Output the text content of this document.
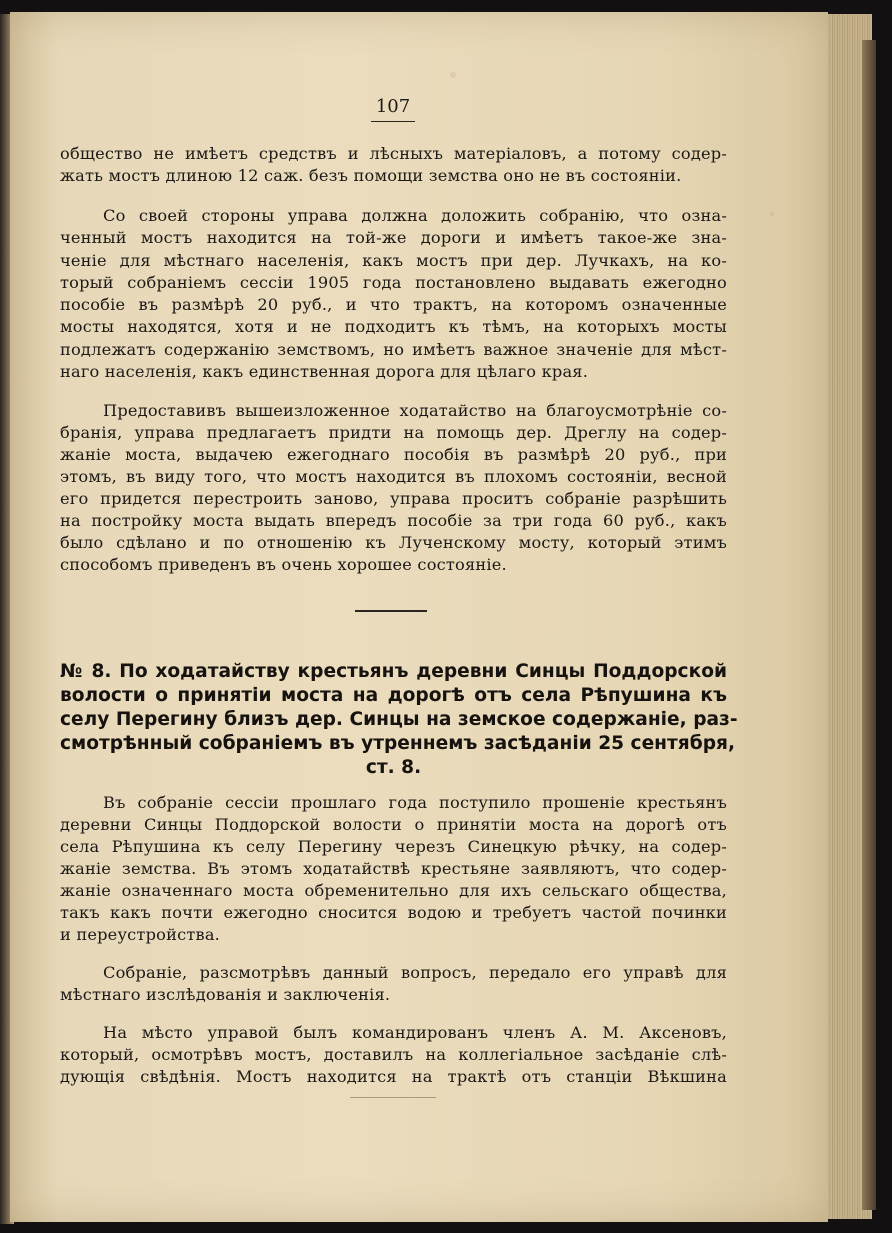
107
общество не имѣетъ средствъ и лѣсныхъ матеріаловъ, а потому содер-
жать мостъ длиною 12 саж. безъ помощи земства оно не въ состояніи.
Со своей стороны управа должна доложить собранію, что озна-
ченный мостъ находится на той-же дороги и имѣетъ такое-же зна-
ченіе для мѣстнаго населенія, какъ мостъ при дер. Лучкахъ, на ко-
торый собраніемъ сессіи 1905 года постановлено выдавать ежегодно
пособіе въ размѣрѣ 20 руб., и что трактъ, на которомъ означенные
мосты находятся, хотя и не подходитъ къ тѣмъ, на которыхъ мосты
подлежатъ содержанію земствомъ, но имѣетъ важное значеніе для мѣст-
наго населенія, какъ единственная дорога для цѣлаго края.
Предоставивъ вышеизложенное ходатайство на благоусмотрѣніе со-
бранія, управа предлагаетъ придти на помощь дер. Дреглу на содер-
жаніе моста, выдачею ежегоднаго пособія въ размѣрѣ 20 руб., при
этомъ, въ виду того, что мостъ находится въ плохомъ состояніи, весной
его придется перестроить заново, управа проситъ собраніе разрѣшить
на постройку моста выдать впередъ пособіе за три года 60 руб., какъ
было сдѣлано и по отношенію къ Лученскому мосту, который этимъ
способомъ приведенъ въ очень хорошее состояніе.
№ 8. По ходатайству крестьянъ деревни Синцы Поддорской
волости о принятіи моста на дорогѣ отъ села Рѣпушина къ
селу Перегину близъ дер. Синцы на земское содержаніе, раз-
смотрѣнный собраніемъ въ утреннемъ засѣданіи 25 сентября,
ст. 8.
Въ собраніе сессіи прошлаго года поступило прошеніе крестьянъ
деревни Синцы Поддорской волости о принятіи моста на дорогѣ отъ
села Рѣпушина къ селу Перегину черезъ Синецкую рѣчку, на содер-
жаніе земства. Въ этомъ ходатайствѣ крестьяне заявляютъ, что содер-
жаніе означеннаго моста обременительно для ихъ сельскаго общества,
такъ какъ почти ежегодно сносится водою и требуетъ частой починки
и переустройства.
Собраніе, разсмотрѣвъ данный вопросъ, передало его управѣ для
мѣстнаго изслѣдованія и заключенія.
На мѣсто управой былъ командированъ членъ А. М. Аксеновъ,
который, осмотрѣвъ мостъ, доставилъ на коллегіальное засѣданіе слѣ-
дующія свѣдѣнія. Мостъ находится на трактѣ отъ станціи Вѣкшина
